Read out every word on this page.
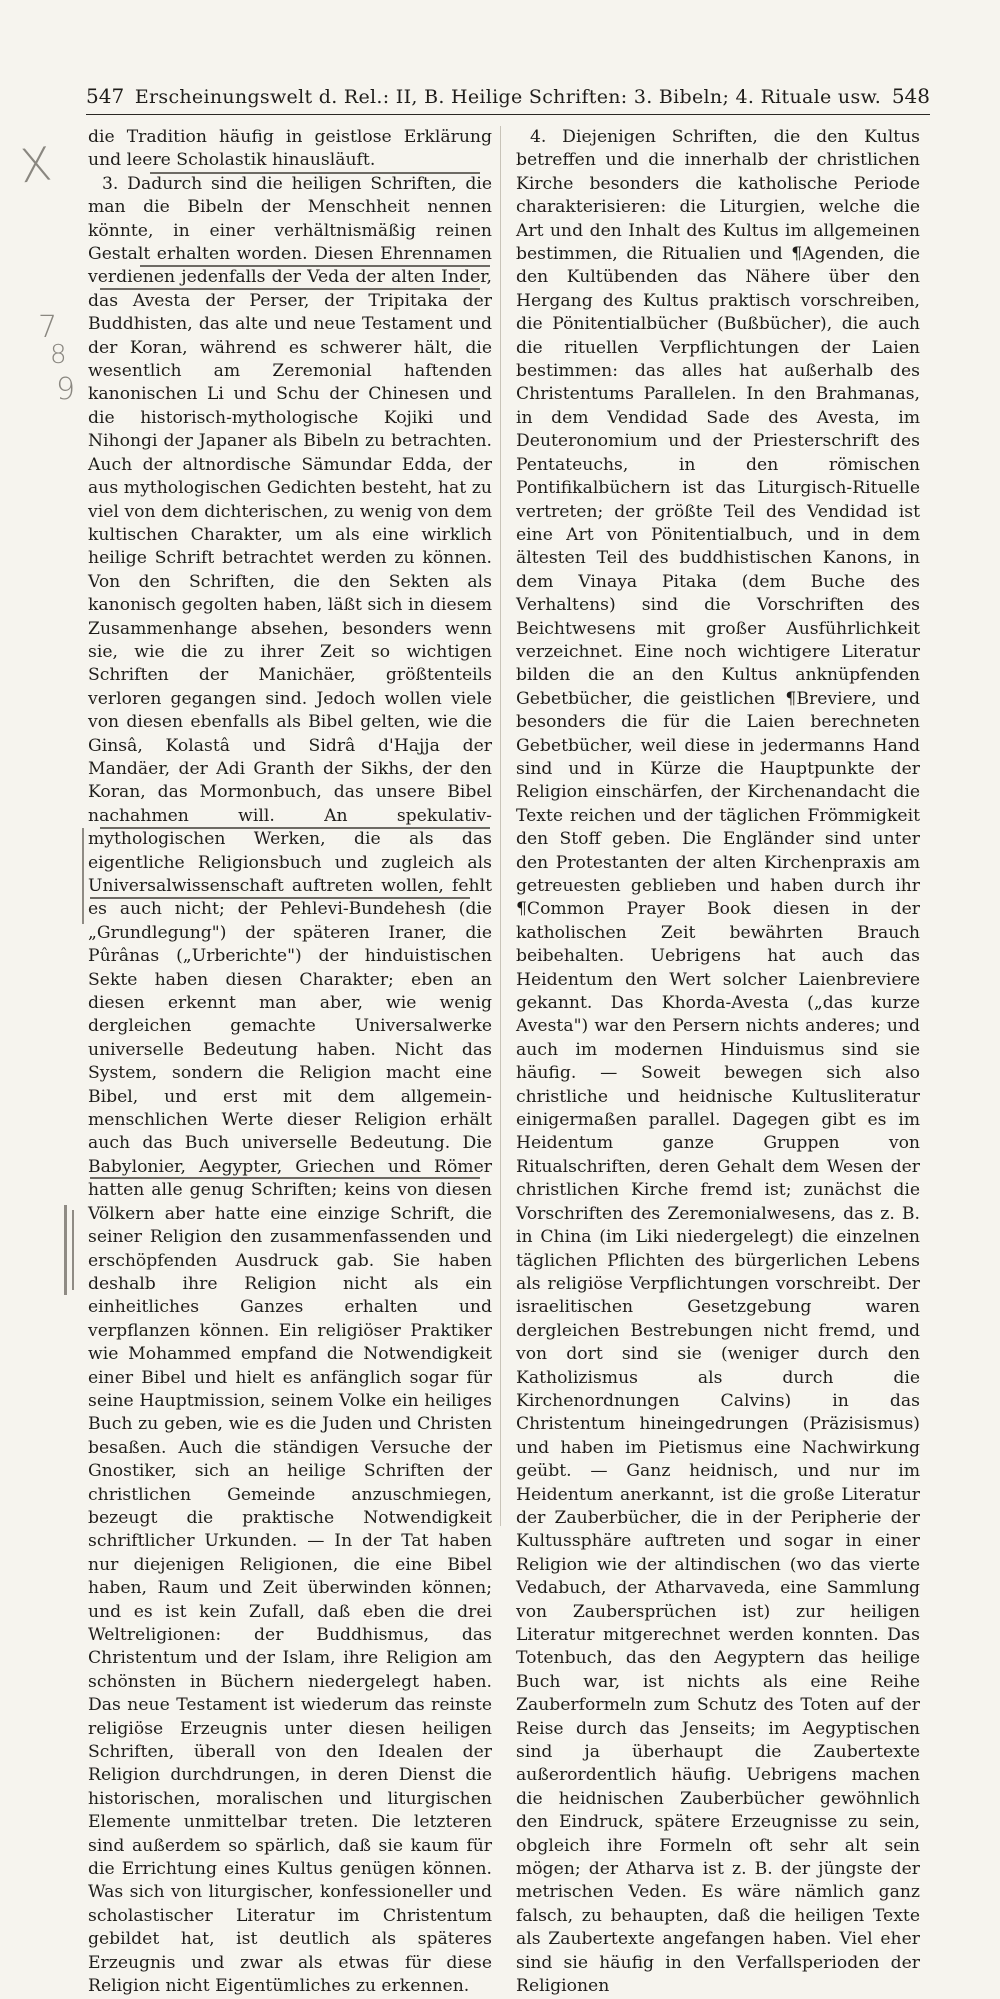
547 Erscheinungswelt d. Rel.: II, B. Heilige Schriften: 3. Bibeln; 4. Rituale usw. 548

die Tradition häufig in geistlose Erklärung und leere Scholastik hinausläuft.

3. Dadurch sind die heiligen Schriften, die man die Bibeln der Menschheit nennen könnte, in einer verhältnismäßig reinen Gestalt erhalten worden. Diesen Ehrennamen verdienen jedenfalls der Veda der alten Inder, das Avesta der Perser, der Tripitaka der Buddhisten, das alte und neue Testament und der Koran, während es schwerer hält, die wesentlich am Zeremonial haftenden kanonischen Li und Schu der Chinesen und die historisch-mythologische Kojiki und Nihongi der Japaner als Bibeln zu betrachten. Auch der altnordische Sämundar Edda, der aus mythologischen Gedichten besteht, hat zu viel von dem dichterischen, zu wenig von dem kultischen Charakter, um als eine wirklich heilige Schrift betrachtet werden zu können. Von den Schriften, die den Sekten als kanonisch gegolten haben, läßt sich in diesem Zusammenhange absehen, besonders wenn sie, wie die zu ihrer Zeit so wichtigen Schriften der Manichäer, größtenteils verloren gegangen sind. Jedoch wollen viele von diesen ebenfalls als Bibel gelten, wie die Ginsâ, Kolastâ und Sidrâ d'Hajja der Mandäer, der Adi Granth der Sikhs, der den Koran, das Mormonbuch, das unsere Bibel nachahmen will. An spekulativ-mythologischen Werken, die als das eigentliche Religionsbuch und zugleich als Universalwissenschaft auftreten wollen, fehlt es auch nicht; der Pehlevi-Bundehesh (die „Grundlegung") der späteren Iraner, die Pûrânas („Urberichte") der hinduistischen Sekte haben diesen Charakter; eben an diesen erkennt man aber, wie wenig dergleichen gemachte Universalwerke universelle Bedeutung haben. Nicht das System, sondern die Religion macht eine Bibel, und erst mit dem allgemein-menschlichen Werte dieser Religion erhält auch das Buch universelle Bedeutung. Die Babylonier, Aegypter, Griechen und Römer hatten alle genug Schriften; keins von diesen Völkern aber hatte eine einzige Schrift, die seiner Religion den zusammenfassenden und erschöpfenden Ausdruck gab. Sie haben deshalb ihre Religion nicht als ein einheitliches Ganzes erhalten und verpflanzen können. Ein religiöser Praktiker wie Mohammed empfand die Notwendigkeit einer Bibel und hielt es anfänglich sogar für seine Hauptmission, seinem Volke ein heiliges Buch zu geben, wie es die Juden und Christen besaßen. Auch die ständigen Versuche der Gnostiker, sich an heilige Schriften der christlichen Gemeinde anzuschmiegen, bezeugt die praktische Notwendigkeit schriftlicher Urkunden. — In der Tat haben nur diejenigen Religionen, die eine Bibel haben, Raum und Zeit überwinden können; und es ist kein Zufall, daß eben die drei Weltreligionen: der Buddhismus, das Christentum und der Islam, ihre Religion am schönsten in Büchern niedergelegt haben. Das neue Testament ist wiederum das reinste religiöse Erzeugnis unter diesen heiligen Schriften, überall von den Idealen der Religion durchdrungen, in deren Dienst die historischen, moralischen und liturgischen Elemente unmittelbar treten. Die letzteren sind außerdem so spärlich, daß sie kaum für die Errichtung eines Kultus genügen können. Was sich von liturgischer, konfessioneller und scholastischer Literatur im Christentum gebildet hat, ist deutlich als späteres Erzeugnis und zwar als etwas für diese Religion nicht Eigentümliches zu erkennen.

4. Diejenigen Schriften, die den Kultus betreffen und die innerhalb der christlichen Kirche besonders die katholische Periode charakterisieren: die Liturgien, welche die Art und den Inhalt des Kultus im allgemeinen bestimmen, die Ritualien und ¶Agenden, die den Kultübenden das Nähere über den Hergang des Kultus praktisch vorschreiben, die Pönitentialbücher (Bußbücher), die auch die rituellen Verpflichtungen der Laien bestimmen: das alles hat außerhalb des Christentums Parallelen. In den Brahmanas, in dem Vendidad Sade des Avesta, im Deuteronomium und der Priesterschrift des Pentateuchs, in den römischen Pontifikalbüchern ist das Liturgisch-Rituelle vertreten; der größte Teil des Vendidad ist eine Art von Pönitentialbuch, und in dem ältesten Teil des buddhistischen Kanons, in dem Vinaya Pitaka (dem Buche des Verhaltens) sind die Vorschriften des Beichtwesens mit großer Ausführlichkeit verzeichnet. Eine noch wichtigere Literatur bilden die an den Kultus anknüpfenden Gebetbücher, die geistlichen ¶Breviere, und besonders die für die Laien berechneten Gebetbücher, weil diese in jedermanns Hand sind und in Kürze die Hauptpunkte der Religion einschärfen, der Kirchenandacht die Texte reichen und der täglichen Frömmigkeit den Stoff geben. Die Engländer sind unter den Protestanten der alten Kirchenpraxis am getreuesten geblieben und haben durch ihr ¶Common Prayer Book diesen in der katholischen Zeit bewährten Brauch beibehalten. Uebrigens hat auch das Heidentum den Wert solcher Laienbreviere gekannt. Das Khorda-Avesta („das kurze Avesta") war den Persern nichts anderes; und auch im modernen Hinduismus sind sie häufig. — Soweit bewegen sich also christliche und heidnische Kultusliteratur einigermaßen parallel. Dagegen gibt es im Heidentum ganze Gruppen von Ritualschriften, deren Gehalt dem Wesen der christlichen Kirche fremd ist; zunächst die Vorschriften des Zeremonialwesens, das z. B. in China (im Liki niedergelegt) die einzelnen täglichen Pflichten des bürgerlichen Lebens als religiöse Verpflichtungen vorschreibt. Der israelitischen Gesetzgebung waren dergleichen Bestrebungen nicht fremd, und von dort sind sie (weniger durch den Katholizismus als durch die Kirchenordnungen Calvins) in das Christentum hineingedrungen (Präzisismus) und haben im Pietismus eine Nachwirkung geübt. — Ganz heidnisch, und nur im Heidentum anerkannt, ist die große Literatur der Zauberbücher, die in der Peripherie der Kultussphäre auftreten und sogar in einer Religion wie der altindischen (wo das vierte Vedabuch, der Atharvaveda, eine Sammlung von Zaubersprüchen ist) zur heiligen Literatur mitgerechnet werden konnten. Das Totenbuch, das den Aegyptern das heilige Buch war, ist nichts als eine Reihe Zauberformeln zum Schutz des Toten auf der Reise durch das Jenseits; im Aegyptischen sind ja überhaupt die Zaubertexte außerordentlich häufig. Uebrigens machen die heidnischen Zauberbücher gewöhnlich den Eindruck, spätere Erzeugnisse zu sein, obgleich ihre Formeln oft sehr alt sein mögen; der Atharva ist z. B. der jüngste der metrischen Veden. Es wäre nämlich ganz falsch, zu behaupten, daß die heiligen Texte als Zaubertexte angefangen haben. Viel eher sind sie häufig in den Verfallsperioden der Religionen

X
7
8
9
